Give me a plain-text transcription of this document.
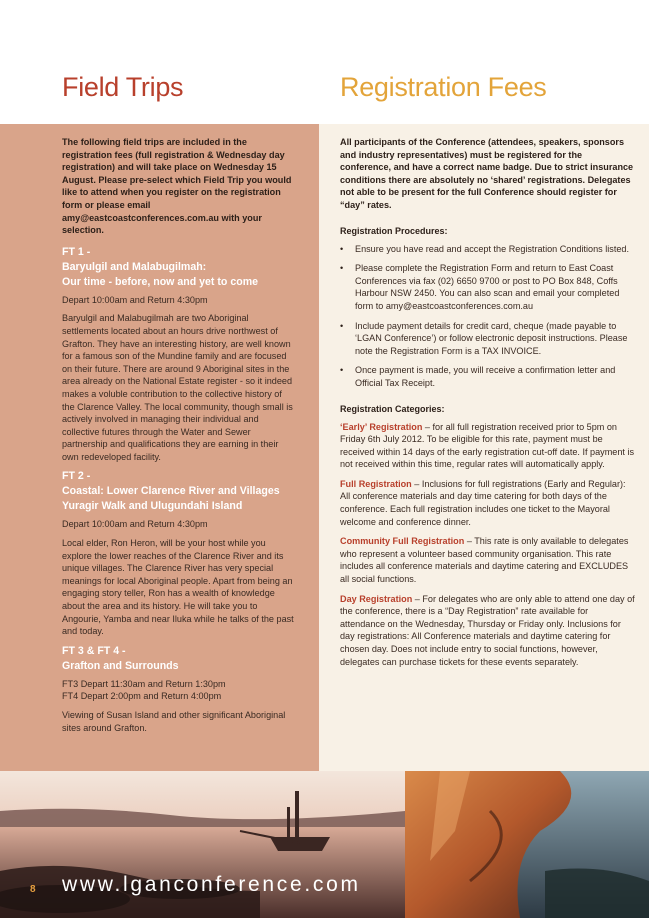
Field Trips	Registration Fees

The following field trips are included in the registration fees (full registration & Wednesday day registration) and will take place on Wednesday 15 August. Please pre-select which Field Trip you would like to attend when you register on the registration form or please email amy@eastcoastconferences.com.au with your selection.

FT 1 -
Baryulgil and Malabugilmah:
Our time - before, now and yet to come

Depart 10:00am and Return 4:30pm

Baryulgil and Malabugilmah are two Aboriginal settlements located about an hours drive northwest of Grafton. They have an interesting history, are well known for a famous son of the Mundine family and are focused on their future. There are around 9 Aboriginal sites in the area already on the National Estate register - so it indeed makes a voluble contribution to the collective history of the Clarence Valley. The local community, though small is actively involved in managing their individual and collective futures through the Water and Sewer partnership and qualifications they are earning in their own redeveloped facility.

FT 2 -
Coastal: Lower Clarence River and Villages
Yuragir Walk and Ulugundahi Island

Depart 10:00am and Return 4:30pm

Local elder, Ron Heron, will be your host while you explore the lower reaches of the Clarence River and its unique villages. The Clarence River has very special meanings for local Aboriginal people. Apart from being an engaging story teller, Ron has a wealth of knowledge about the area and its history. He will take you to Angourie, Yamba and near Iluka while he talks of the past and today.

FT 3 & FT 4 -
Grafton and Surrounds

FT3 Depart 11:30am and Return 1:30pm
FT4 Depart 2:00pm and Return 4:00pm

Viewing of Susan Island and other significant Aboriginal sites around Grafton.

All participants of the Conference (attendees, speakers, sponsors and industry representatives) must be registered for the conference, and have a correct name badge. Due to strict insurance conditions there are absolutely no ‘shared’ registrations. Delegates not able to be present for the full Conference should register for “day” rates.

Registration Procedures:
• Ensure you have read and accept the Registration Conditions listed.
• Please complete the Registration Form and return to East Coast Conferences via fax (02) 6650 9700 or post to PO Box 848, Coffs Harbour NSW 2450. You can also scan and email your completed form to amy@eastcoastconferences.com.au
• Include payment details for credit card, cheque (made payable to ‘LGAN Conference’) or follow electronic deposit instructions. Please note the Registration Form is a TAX INVOICE.
• Once payment is made, you will receive a confirmation letter and Official Tax Receipt.
Registration Categories:

‘Early’ Registration – for all full registration received prior to 5pm on Friday 6th July 2012. To be eligible for this rate, payment must be received within 14 days of the early registration cut-off date. If payment is not received within this time, regular rates will automatically apply.

Full Registration – Inclusions for full registrations (Early and Regular): All conference materials and day time catering for both days of the conference. Each full registration includes one ticket to the Mayoral welcome and conference dinner.

Community Full Registration – This rate is only available to delegates who represent a volunteer based community organisation. This rate includes all conference materials and daytime catering and EXCLUDES all social functions.

Day Registration – For delegates who are only able to attend one day of the conference, there is a “Day Registration” rate available for attendance on the Wednesday, Thursday or Friday only. Inclusions for day registrations: All Conference materials and daytime catering for chosen day. Does not include entry to social functions, however, delegates can purchase tickets for these events separately.

8 www.lganconference.com
